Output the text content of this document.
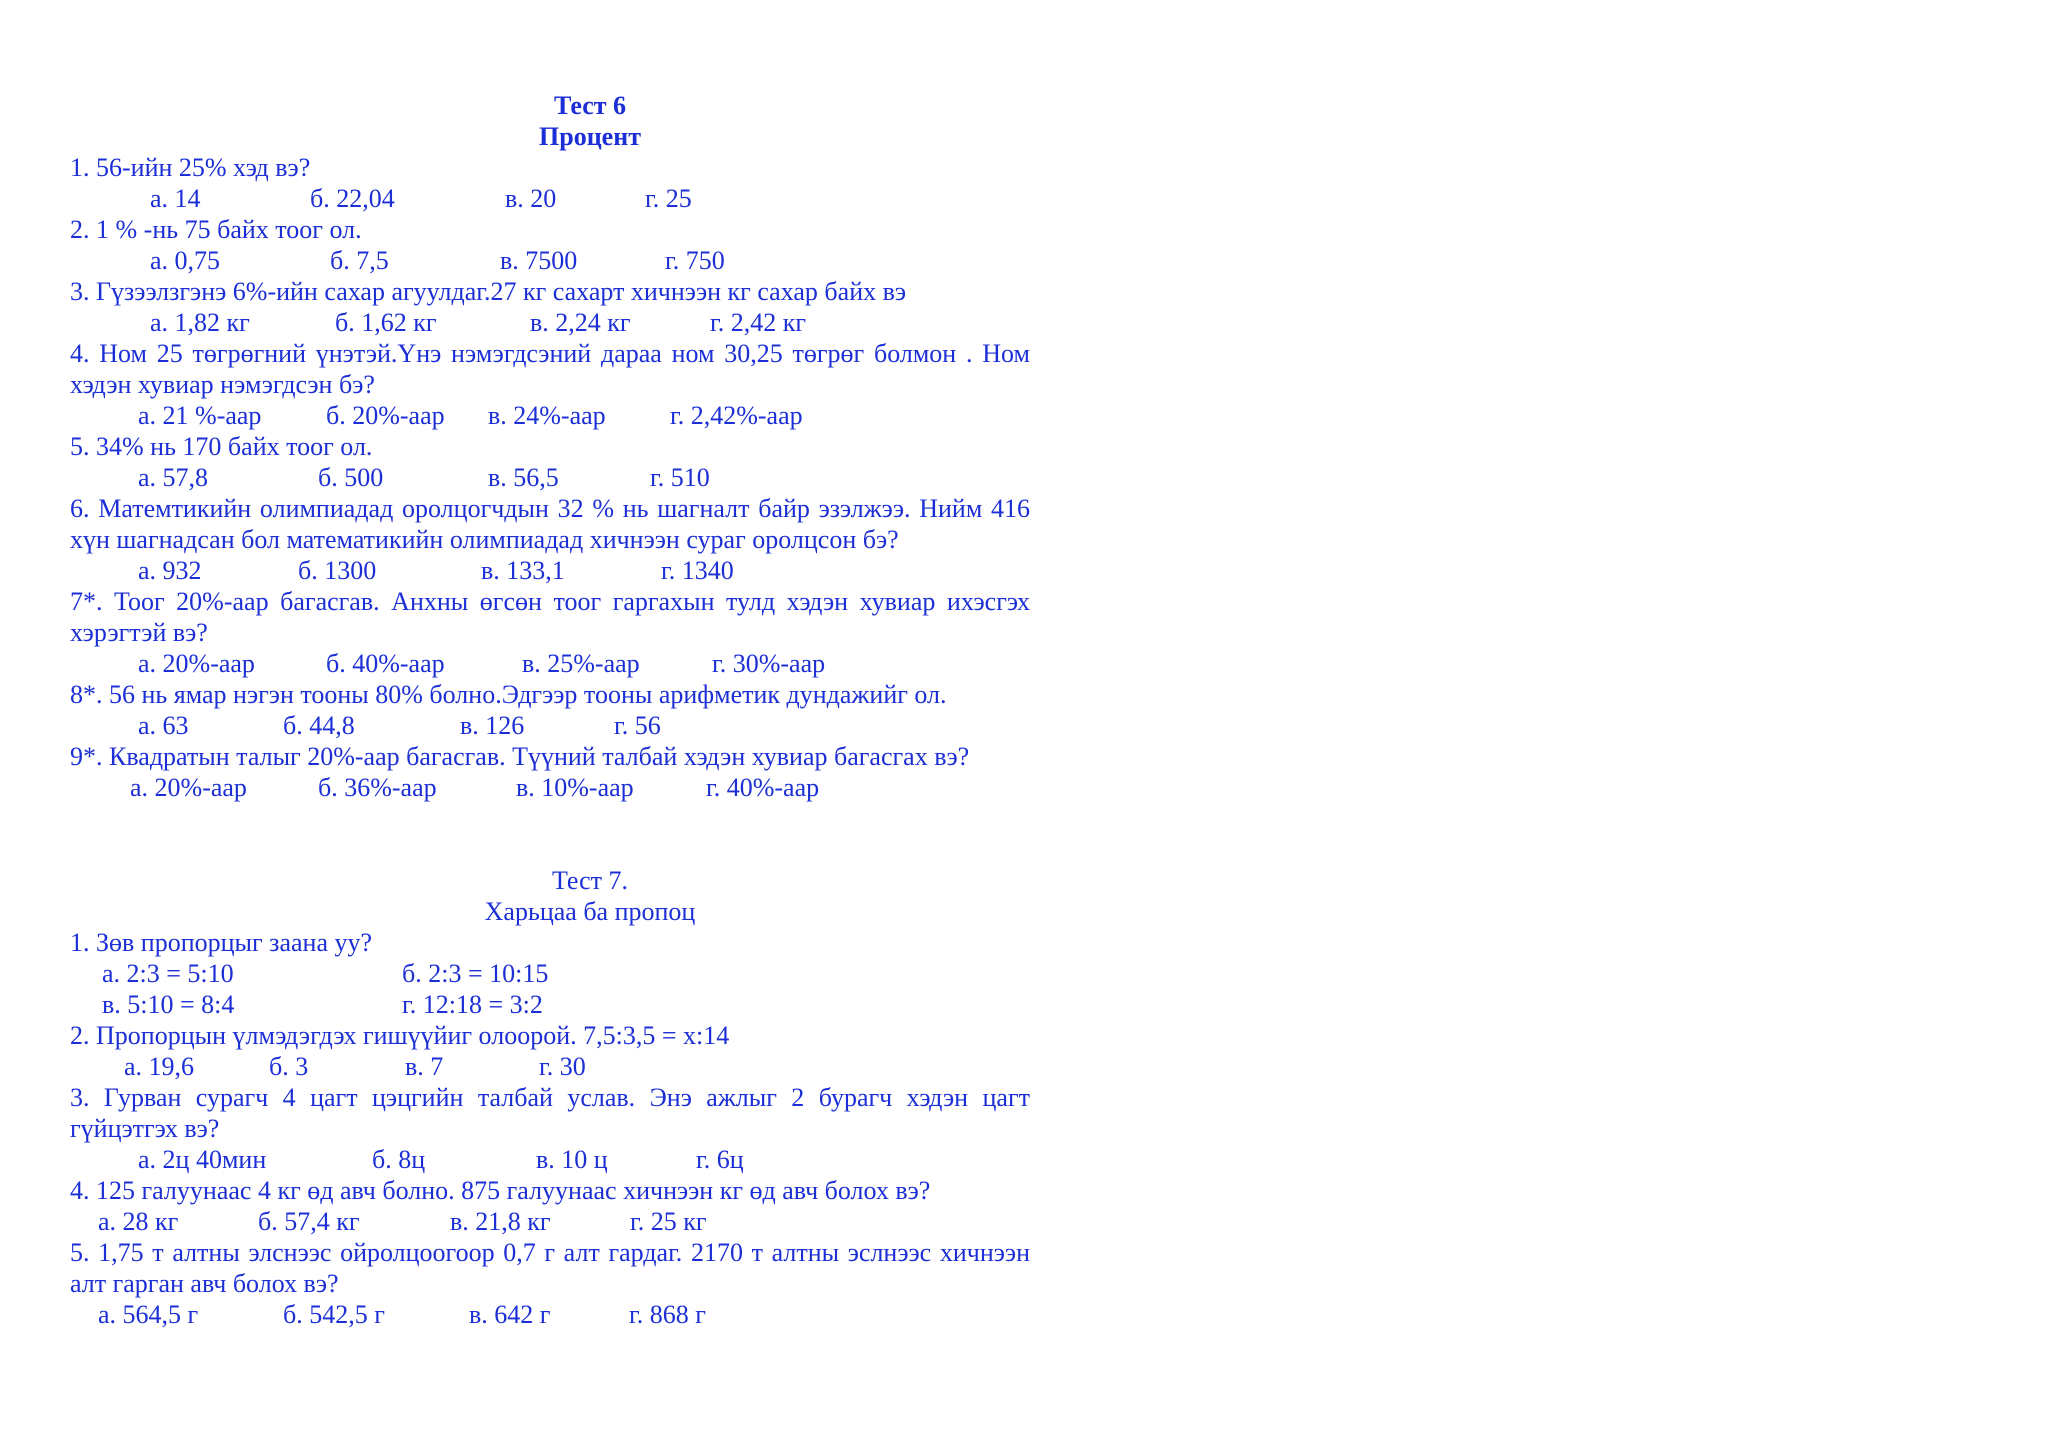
Тест 6
Процент
1. 56-ийн 25% хэд вэ?
а. 14	б. 22,04	в. 20	г. 25
2. 1 % -нь 75 байх тоог ол.
а. 0,75	б. 7,5	в. 7500	г. 750
3. Гүзээлзгэнэ 6%-ийн сахар агуулдаг.27 кг сахарт хичнээн кг сахар байх вэ
а. 1,82 кг	б. 1,62 кг	в. 2,24 кг	г. 2,42 кг
4. Ном 25 төгрөгний үнэтэй.Үнэ нэмэгдсэний дараа ном 30,25 төгрөг болмон . Ном хэдэн хувиар нэмэгдсэн бэ?
а. 21 %-аар	б. 20%-аар	в. 24%-аар	г. 2,42%-аар
5. 34% нь 170 байх тоог ол.
а. 57,8	б. 500	в. 56,5	г. 510
6. Матемтикийн олимпиадад оролцогчдын 32 % нь шагналт байр эзэлжээ. Нийм 416 хүн шагнадсан бол математикийн олимпиадад хичнээн сураг оролцсон бэ?
а. 932	б. 1300	в. 133,1	г. 1340
7*. Тоог 20%-аар багасгав. Анхны өгсөн тоог гаргахын тулд хэдэн хувиар ихэсгэх хэрэгтэй вэ?
а. 20%-аар	б. 40%-аар	в. 25%-аар	г. 30%-аар
8*. 56 нь ямар нэгэн тооны 80% болно.Эдгээр тооны арифметик дундажийг ол.
а. 63	б. 44,8	в. 126	г. 56
9*. Квадратын талыг 20%-аар багасгав. Түүний талбай хэдэн хувиар багасгах вэ?
а. 20%-аар	б. 36%-аар	в. 10%-аар	г. 40%-аар
Тест 7.
Харьцаа ба пропоц
1. Зөв пропорцыг заана уу?
а. 2:3 = 5:10	б. 2:3 = 10:15
в. 5:10 = 8:4	г. 12:18 = 3:2
2. Пропорцын үлмэдэгдэх гишүүйиг олоорой. 7,5:3,5 = х:14
а. 19,6	б. 3	в. 7	г. 30
3. Гурван сурагч 4 цагт цэцгийн талбай услав. Энэ ажлыг 2 бурагч хэдэн цагт гүйцэтгэх вэ?
а. 2ц 40мин	б. 8ц	в. 10 ц	г. 6ц
4. 125 галуунаас 4 кг өд авч болно. 875 галуунаас хичнээн кг өд авч болох вэ?
а. 28 кг	б. 57,4 кг	в. 21,8 кг	г. 25 кг
5. 1,75 т алтны элснээс ойролцоогоор 0,7 г алт гардаг. 2170 т алтны эслнээс хичнээн алт гарган авч болох вэ?
а. 564,5 г	б. 542,5 г	в. 642 г	г. 868 г
